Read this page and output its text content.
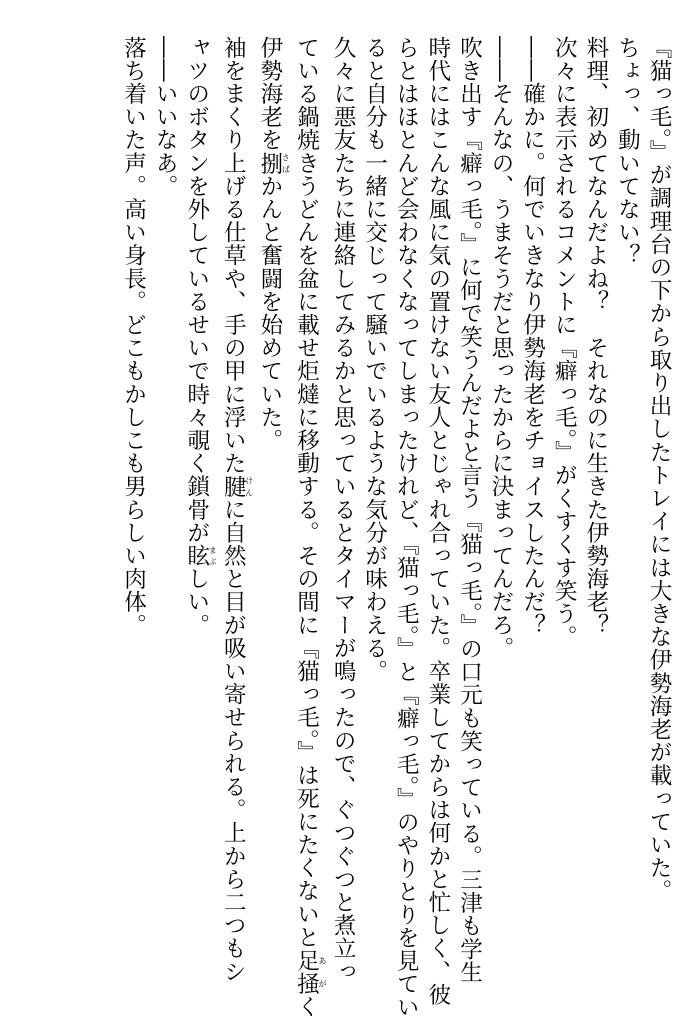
『猫っ毛。』が調理台の下から取り出したトレイには大きな伊勢海老が載っていた。

ちょっ、動いてない？

料理、初めてなんだよね？　それなのに生きた伊勢海老？

次々に表示されるコメントに『癖っ毛。』がくすくす笑う。

――確かに。何でいきなり伊勢海老をチョイスしたんだ？

――そんなの、うまそうだと思ったからに決まってんだろ。

吹き出す『癖っ毛。』に何で笑うんだよと言う『猫っ毛。』の口元も笑っている。三津も学生

時代にはこんな風に気の置けない友人とじゃれ合っていた。卒業してからは何かと忙しく、彼

らとはほとんど会わなくなってしまったけれど、『猫っ毛。』と『癖っ毛。』のやりとりを見てい

ると自分も一緒に交じって騒いでいるような気分が味わえる。

久々に悪友たちに連絡してみるかと思っているとタイマーが鳴ったので、ぐつぐつと煮立っ

ている鍋焼きうどんを盆に載せ炬燵に移動する。その間に『猫っ毛。』は死にたくないと足掻あがく

伊勢海老を捌さばかんと奮闘を始めていた。

袖をまくり上げる仕草や、手の甲に浮いた腱けんに自然と目が吸い寄せられる。上から二つもシ

ャツのボタンを外しているせいで時々覗く鎖骨が眩まぶしい。

――いいなあ。

落ち着いた声。高い身長。どこもかしこも男らしい肉体。
